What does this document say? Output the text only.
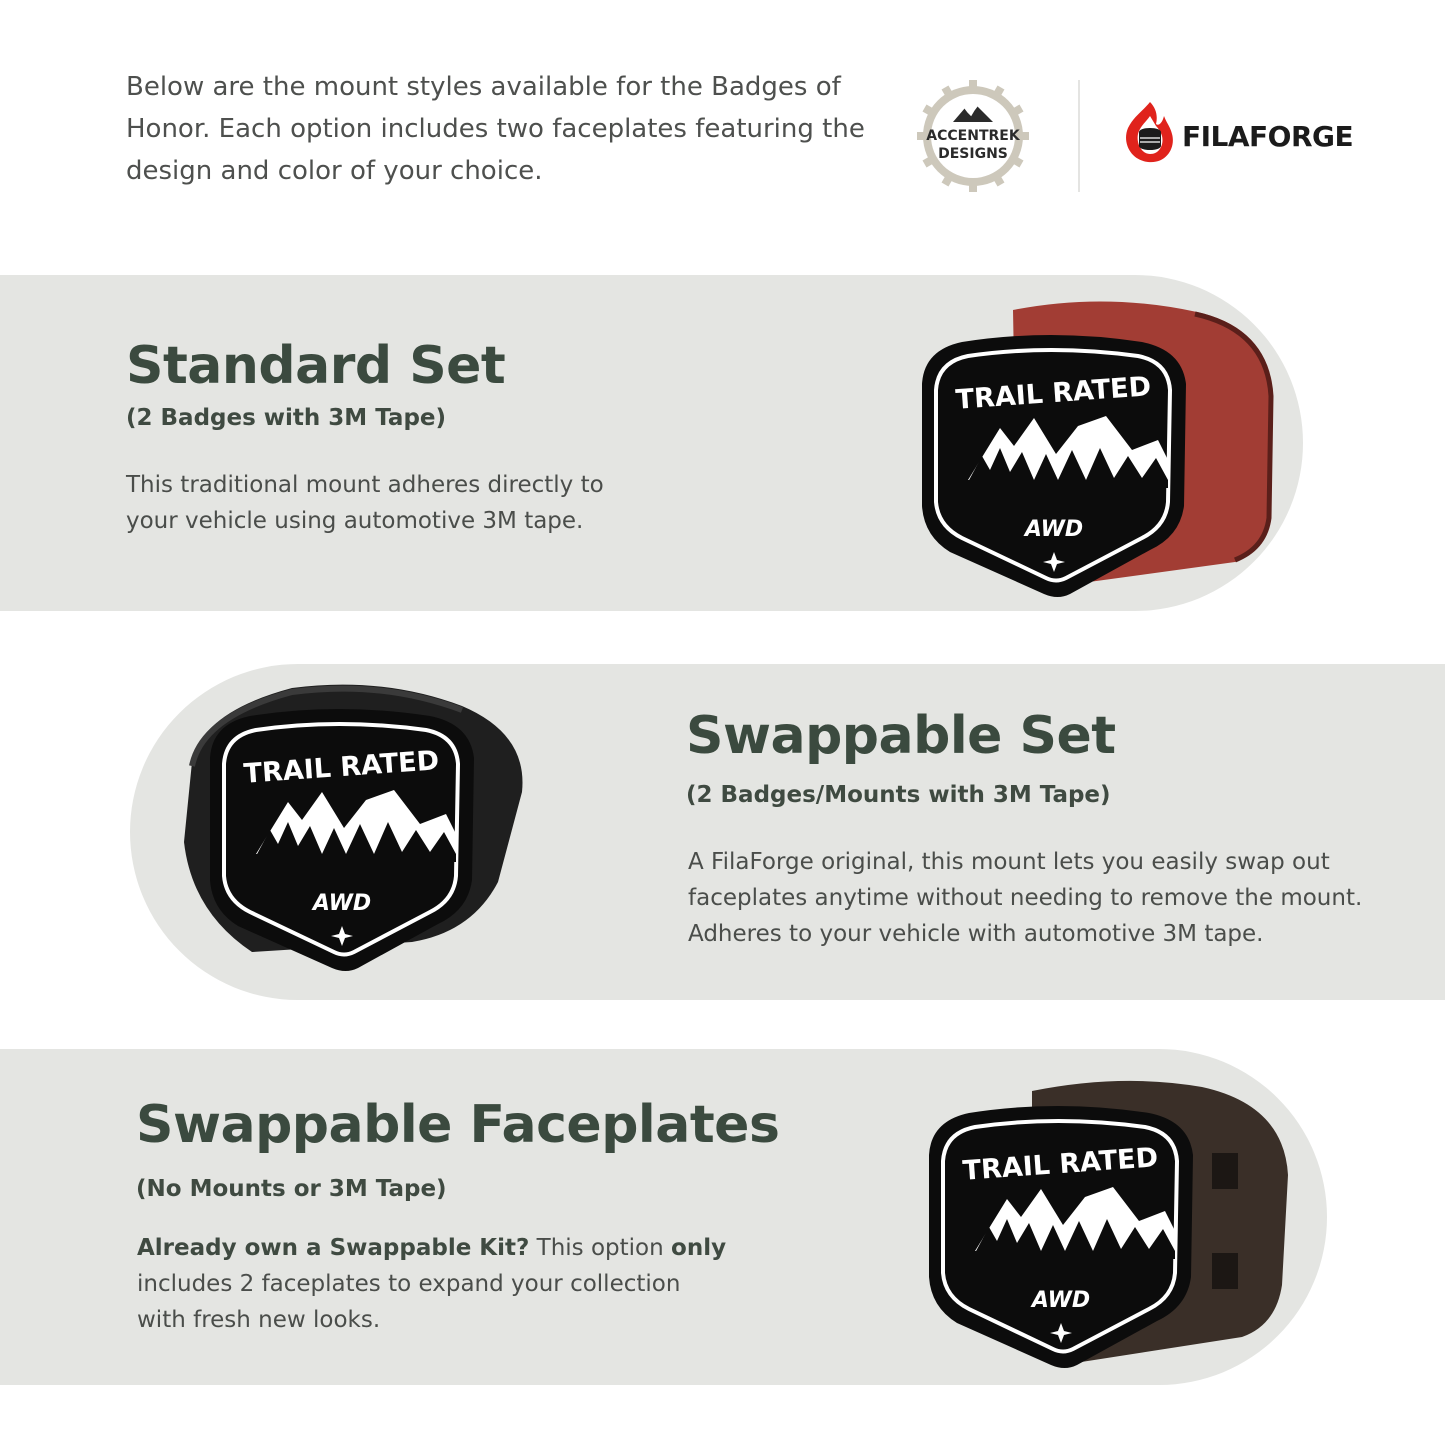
Below are the mount styles available for the Badges of Honor. Each option includes two faceplates featuring the design and color of your choice.

ACCENTREK
DESIGNS
FILAFORGE
Standard Set

(2 Badges with 3M Tape)

This traditional mount adheres directly to your vehicle using automotive 3M tape.

Swappable Set

(2 Badges/Mounts with 3M Tape)

A FilaForge original, this mount lets you easily swap out faceplates anytime without needing to remove the mount. Adheres to your vehicle with automotive 3M tape.

Swappable Faceplates

(No Mounts or 3M Tape)

Already own a Swappable Kit? This option only includes 2 faceplates to expand your collection with fresh new looks.
